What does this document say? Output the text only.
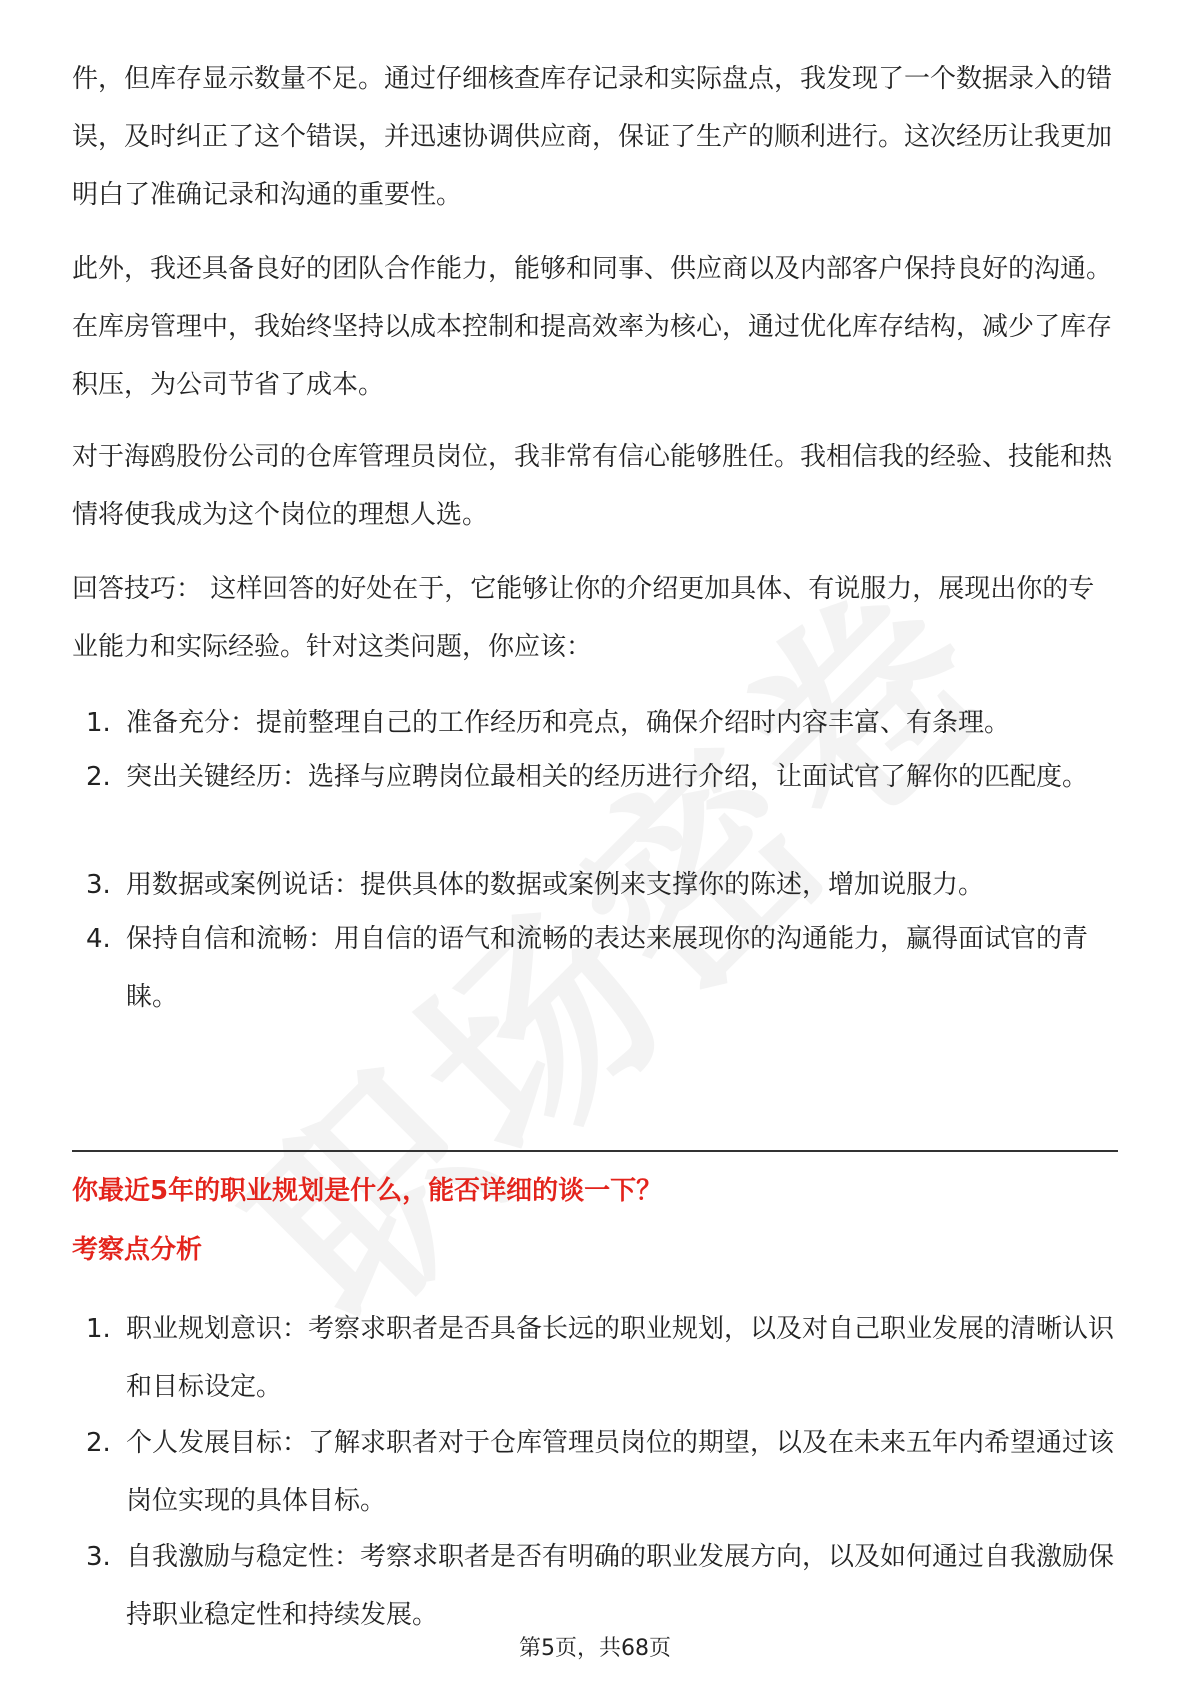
件，但库存显示数量不足。通过仔细核查库存记录和实际盘点，我发现了一个数据录入的错误，及时纠正了这个错误，并迅速协调供应商，保证了生产的顺利进行。这次经历让我更加明白了准确记录和沟通的重要性。

此外，我还具备良好的团队合作能力，能够和同事、供应商以及内部客户保持良好的沟通。在库房管理中，我始终坚持以成本控制和提高效率为核心，通过优化库存结构，减少了库存积压，为公司节省了成本。

对于海鸥股份公司的仓库管理员岗位，我非常有信心能够胜任。我相信我的经验、技能和热情将使我成为这个岗位的理想人选。

回答技巧： 这样回答的好处在于，它能够让你的介绍更加具体、有说服力，展现出你的专业能力和实际经验。针对这类问题，你应该：

1. 准备充分：提前整理自己的工作经历和亮点，确保介绍时内容丰富、有条理。
2. 突出关键经历：选择与应聘岗位最相关的经历进行介绍，让面试官了解你的匹配度。
3. 用数据或案例说话：提供具体的数据或案例来支撑你的陈述，增加说服力。
4. 保持自信和流畅：用自信的语气和流畅的表达来展现你的沟通能力，赢得面试官的青睐。
你最近5年的职业规划是什么，能否详细的谈一下？
考察点分析
1. 职业规划意识：考察求职者是否具备长远的职业规划，以及对自己职业发展的清晰认识和目标设定。
2. 个人发展目标：了解求职者对于仓库管理员岗位的期望，以及在未来五年内希望通过该岗位实现的具体目标。
3. 自我激励与稳定性：考察求职者是否有明确的职业发展方向，以及如何通过自我激励保持职业稳定性和持续发展。
第5页，共68页
